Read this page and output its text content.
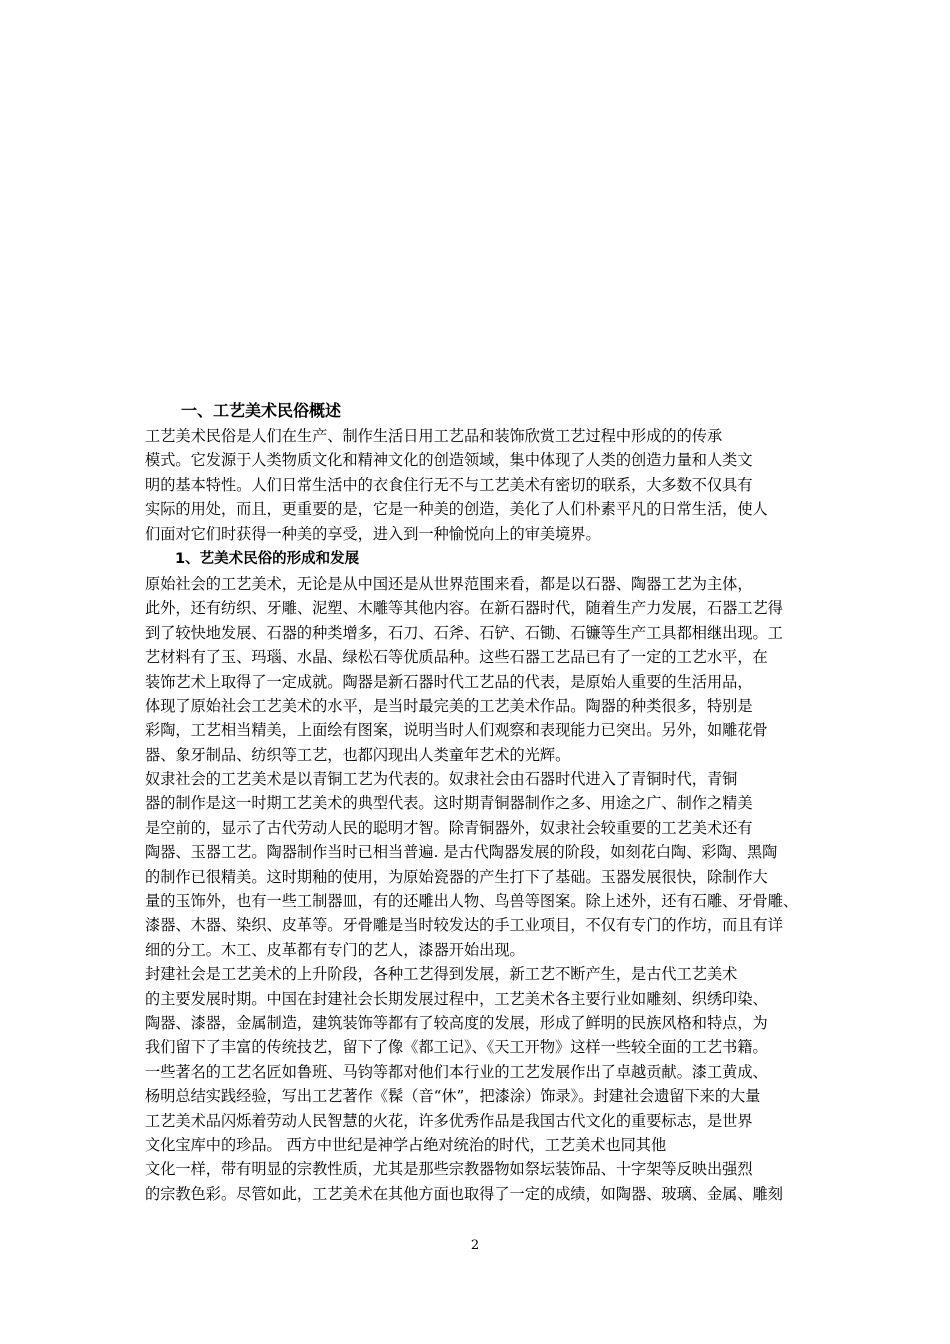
一、工艺美术民俗概述
工艺美术民俗是人们在生产、制作生活日用工艺品和装饰欣赏工艺过程中形成的的传承
模式。它发源于人类物质文化和精神文化的创造领域，集中体现了人类的创造力量和人类文
明的基本特性。人们日常生活中的衣食住行无不与工艺美术有密切的联系，大多数不仅具有
实际的用处，而且，更重要的是，它是一种美的创造，美化了人们朴素平凡的日常生活，使人
们面对它们时获得一种美的享受，进入到一种愉悦向上的审美境界。
1、艺美术民俗的形成和发展
原始社会的工艺美术，无论是从中国还是从世界范围来看，都是以石器、陶器工艺为主体，
此外，还有纺织、牙雕、泥塑、木雕等其他内容。在新石器时代，随着生产力发展，石器工艺得
到了较快地发展、石器的种类增多，石刀、石斧、石铲、石锄、石镰等生产工具都相继出现。工
艺材料有了玉、玛瑙、水晶、绿松石等优质品种。这些石器工艺品已有了一定的工艺水平，在
装饰艺术上取得了一定成就。陶器是新石器时代工艺品的代表，是原始人重要的生活用品，
体现了原始社会工艺美术的水平，是当时最完美的工艺美术作品。陶器的种类很多，特别是
彩陶，工艺相当精美，上面绘有图案，说明当时人们观察和表现能力已突出。另外，如雕花骨
器、象牙制品、纺织等工艺，也都闪现出人类童年艺术的光辉。
奴隶社会的工艺美术是以青铜工艺为代表的。奴隶社会由石器时代进入了青铜时代，青铜
器的制作是这一时期工艺美术的典型代表。这时期青铜器制作之多、用途之广、制作之精美
是空前的，显示了古代劳动人民的聪明才智。除青铜器外，奴隶社会较重要的工艺美术还有
陶器、玉器工艺。陶器制作当时已相当普遍. 是古代陶器发展的阶段，如刻花白陶、彩陶、黑陶
的制作已很精美。这时期釉的使用，为原始瓷器的产生打下了基础。玉器发展很快，除制作大
量的玉饰外，也有一些工制器皿，有的还雕出人物、鸟兽等图案。除上述外，还有石雕、牙骨雕、
漆器、木器、染织、皮革等。牙骨雕是当时较发达的手工业项目，不仅有专门的作坊，而且有详
细的分工。木工、皮革都有专门的艺人，漆器开始出现。
封建社会是工艺美术的上升阶段，各种工艺得到发展，新工艺不断产生，是古代工艺美术
的主要发展时期。中国在封建社会长期发展过程中，工艺美术各主要行业如雕刻、织绣印染、
陶器、漆器，金属制造，建筑装饰等都有了较高度的发展，形成了鲜明的民族风格和特点，为
我们留下了丰富的传统技艺，留下了像《都工记》、《天工开物》这样一些较全面的工艺书籍。
一些著名的工艺名匠如鲁班、马钧等都对他们本行业的工艺发展作出了卓越贡献。漆工黄成、
杨明总结实践经验，写出工艺著作《髹（音“休”，把漆涂）饰录》。封建社会遗留下来的大量
工艺美术品闪烁着劳动人民智慧的火花，许多优秀作品是我国古代文化的重要标志，是世界
文化宝库中的珍品。 西方中世纪是神学占绝对统治的时代，工艺美术也同其他
文化一样，带有明显的宗教性质，尤其是那些宗教器物如祭坛装饰品、十字架等反映出强烈
的宗教色彩。尽管如此，工艺美术在其他方面也取得了一定的成绩，如陶器、玻璃、金属、雕刻
2
